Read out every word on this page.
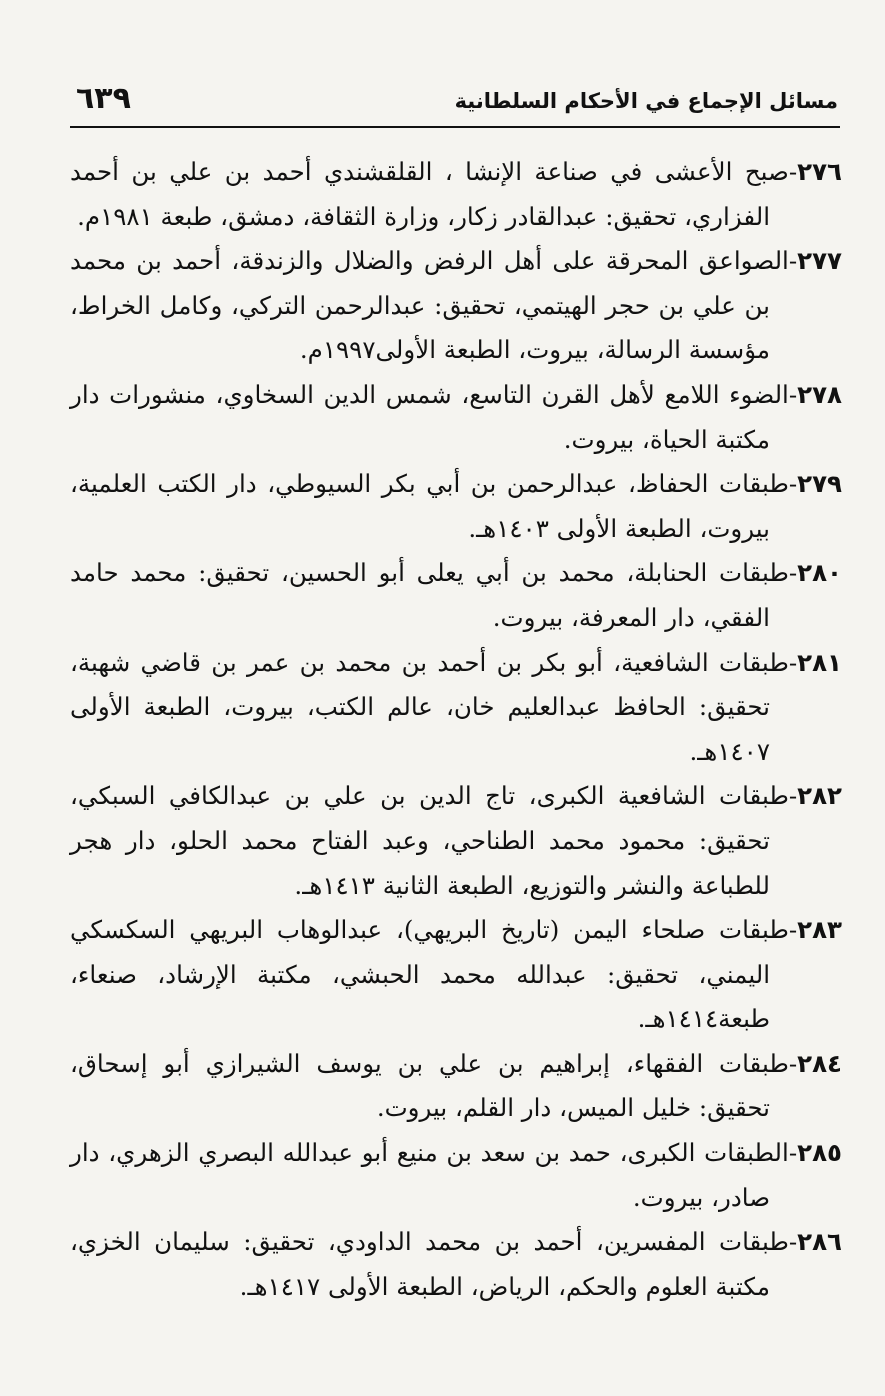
مسائل الإجماع في الأحكام السلطانية
٦٣٩

٢٧٦-صبح الأعشى في صناعة الإنشا ، القلقشندي أحمد بن علي بن أحمد الفزاري، تحقيق: عبدالقادر زكار، وزارة الثقافة، دمشق، طبعة ١٩٨١م.

٢٧٧-الصواعق المحرقة على أهل الرفض والضلال والزندقة، أحمد بن محمد بن علي بن حجر الهيتمي، تحقيق: عبدالرحمن التركي، وكامل الخراط، مؤسسة الرسالة، بيروت، الطبعة الأولى١٩٩٧م.

٢٧٨-الضوء اللامع لأهل القرن التاسع، شمس الدين السخاوي، منشورات دار مكتبة الحياة، بيروت.

٢٧٩-طبقات الحفاظ، عبدالرحمن بن أبي بكر السيوطي، دار الكتب العلمية، بيروت، الطبعة الأولى ١٤٠٣هـ.

٢٨٠-طبقات الحنابلة، محمد بن أبي يعلى أبو الحسين، تحقيق: محمد حامد الفقي، دار المعرفة، بيروت.

٢٨١-طبقات الشافعية، أبو بكر بن أحمد بن محمد بن عمر بن قاضي شهبة، تحقيق: الحافظ عبدالعليم خان، عالم الكتب، بيروت، الطبعة الأولى ١٤٠٧هـ.

٢٨٢-طبقات الشافعية الكبرى، تاج الدين بن علي بن عبدالكافي السبكي، تحقيق: محمود محمد الطناحي، وعبد الفتاح محمد الحلو، دار هجر للطباعة والنشر والتوزيع، الطبعة الثانية ١٤١٣هـ.

٢٨٣-طبقات صلحاء اليمن (تاريخ البريهي)، عبدالوهاب البريهي السكسكي اليمني، تحقيق: عبدالله محمد الحبشي، مكتبة الإرشاد، صنعاء، طبعة١٤١٤هـ.

٢٨٤-طبقات الفقهاء، إبراهيم بن علي بن يوسف الشيرازي أبو إسحاق، تحقيق: خليل الميس، دار القلم، بيروت.

٢٨٥-الطبقات الكبرى، حمد بن سعد بن منيع أبو عبدالله البصري الزهري، دار صادر، بيروت.

٢٨٦-طبقات المفسرين، أحمد بن محمد الداودي، تحقيق: سليمان الخزي، مكتبة العلوم والحكم، الرياض، الطبعة الأولى ١٤١٧هـ.
